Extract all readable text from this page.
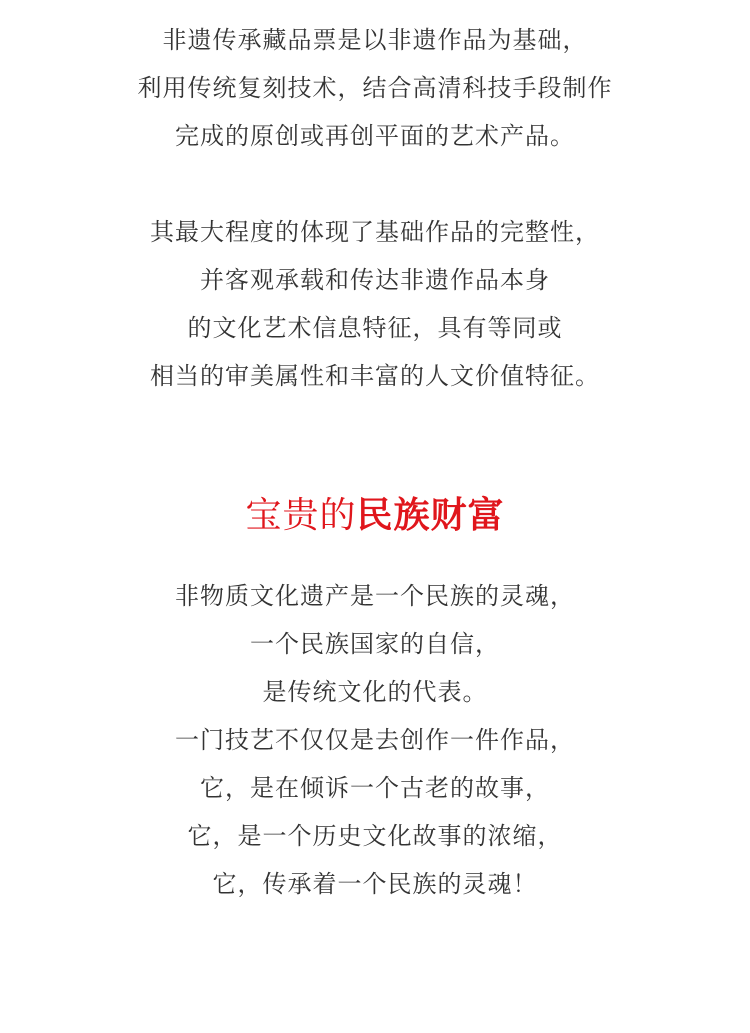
非遗传承藏品票是以非遗作品为基础，
利用传统复刻技术，结合高清科技手段制作
完成的原创或再创平面的艺术产品。
其最大程度的体现了基础作品的完整性，
并客观承载和传达非遗作品本身
的文化艺术信息特征，具有等同或
相当的审美属性和丰富的人文价值特征。
宝贵的民族财富
非物质文化遗产是一个民族的灵魂，
一个民族国家的自信，
是传统文化的代表。
一门技艺不仅仅是去创作一件作品，
它，是在倾诉一个古老的故事，
它，是一个历史文化故事的浓缩，
它，传承着一个民族的灵魂！
